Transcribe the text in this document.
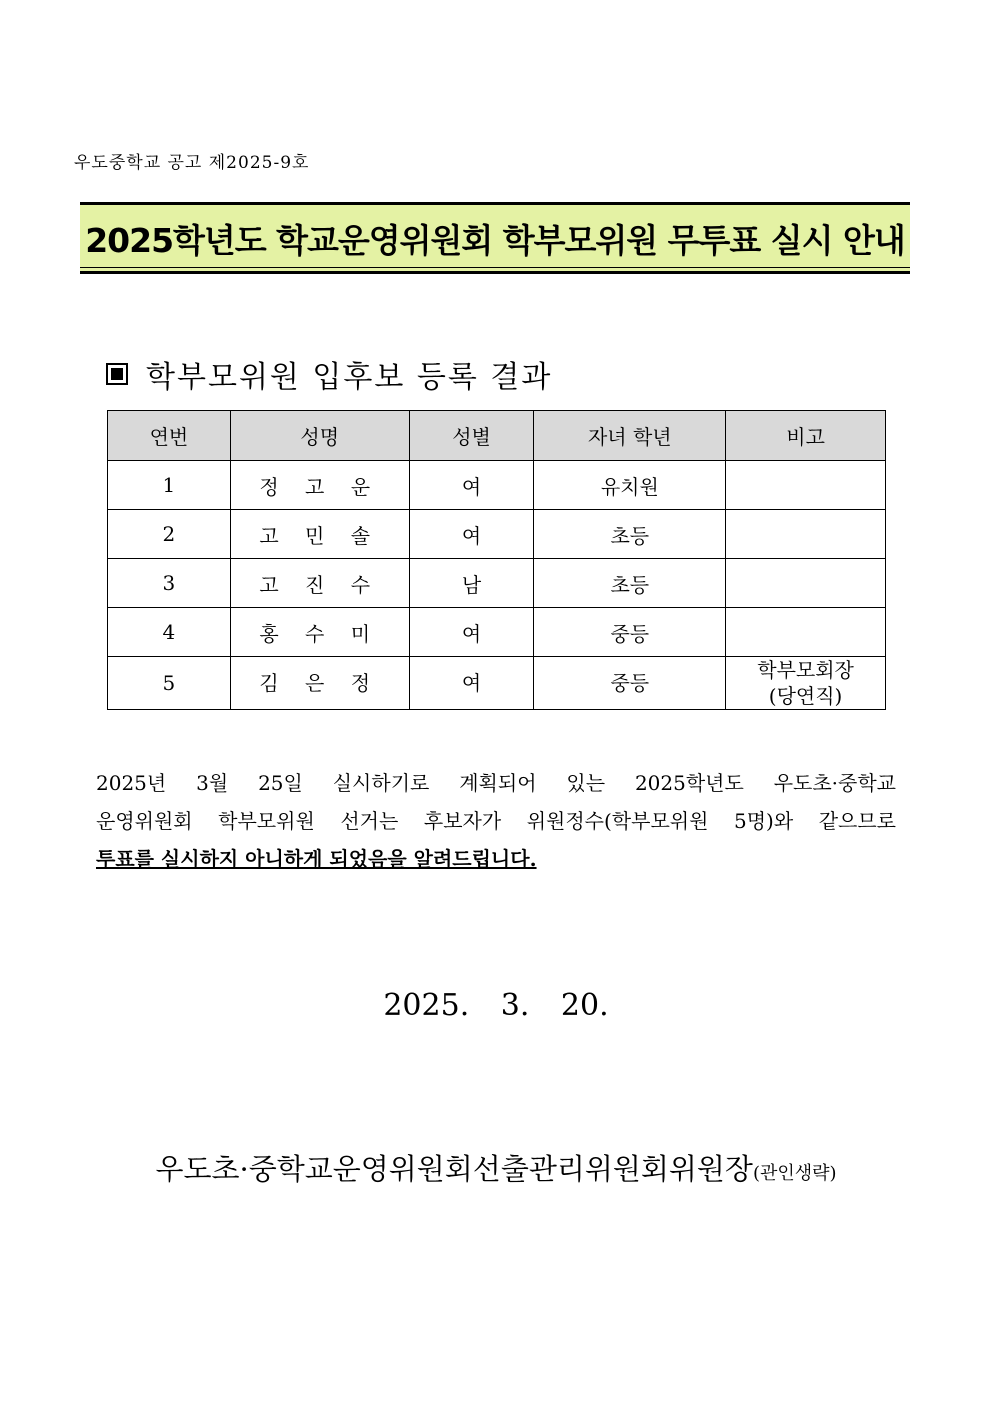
우도중학교 공고 제2025-9호
2025학년도 학교운영위원회 학부모위원 무투표 실시 안내
학부모위원 입후보 등록 결과
연번	성명	성별	자녀 학년	비고
1	정 고 운	여	유치원	
2	고 민 솔	여	초등	
3	고 진 수	남	초등	
4	홍 수 미	여	중등	
5	김 은 정	여	중등	학부모회장
(당연직)

2025년 3월 25일 실시하기로 계획되어 있는 2025학년도 우도초·중학교

운영위원회 학부모위원 선거는 후보자가 위원정수(학부모위원 5명)와 같으므로

투표를 실시하지 아니하게 되었음을 알려드립니다.

2025. 3. 20.
우도초·중학교운영위원회선출관리위원회위원장(관인생략)
